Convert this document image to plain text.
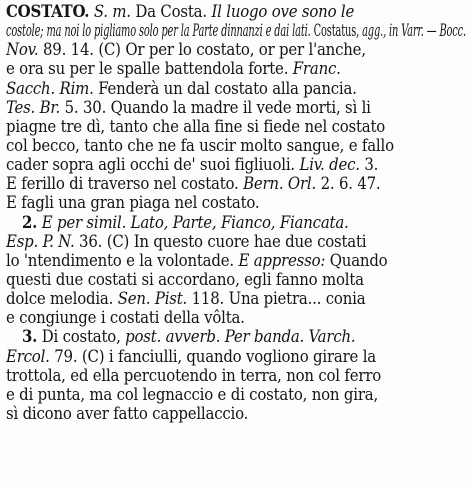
COSTATO. S. m. Da Costa. Il luogo ove sono le
costole; ma noi lo pigliamo solo per la Parte dinnanzi e dai lati. Costatus, agg., in Varr. — Bocc.
Nov. 89. 14. (C) Or per lo costato, or per l'anche,
e ora su per le spalle battendola forte. Franc.
Sacch. Rim. Fenderà un dal costato alla pancia.
Tes. Br. 5. 30. Quando la madre il vede morti, sì li
piagne tre dì, tanto che alla fine si fiede nel costato
col becco, tanto che ne fa uscir molto sangue, e fallo
cader sopra agli occhi de' suoi figliuoli. Liv. dec. 3.
E ferillo di traverso nel costato. Bern. Orl. 2. 6. 47.
E fagli una gran piaga nel costato.
2. E per simil. Lato, Parte, Fianco, Fiancata.
Esp. P. N. 36. (C) In questo cuore hae due costati
lo 'ntendimento e la volontade. E appresso: Quando
questi due costati si accordano, egli fanno molta
dolce melodia. Sen. Pist. 118. Una pietra... conia
e congiunge i costati della vôlta.
3. Di costato, post. avverb. Per banda. Varch.
Ercol. 79. (C) i fanciulli, quando vogliono girare la
trottola, ed ella percuotendo in terra, non col ferro
e di punta, ma col legnaccio e di costato, non gira,
sì dicono aver fatto cappellaccio.
